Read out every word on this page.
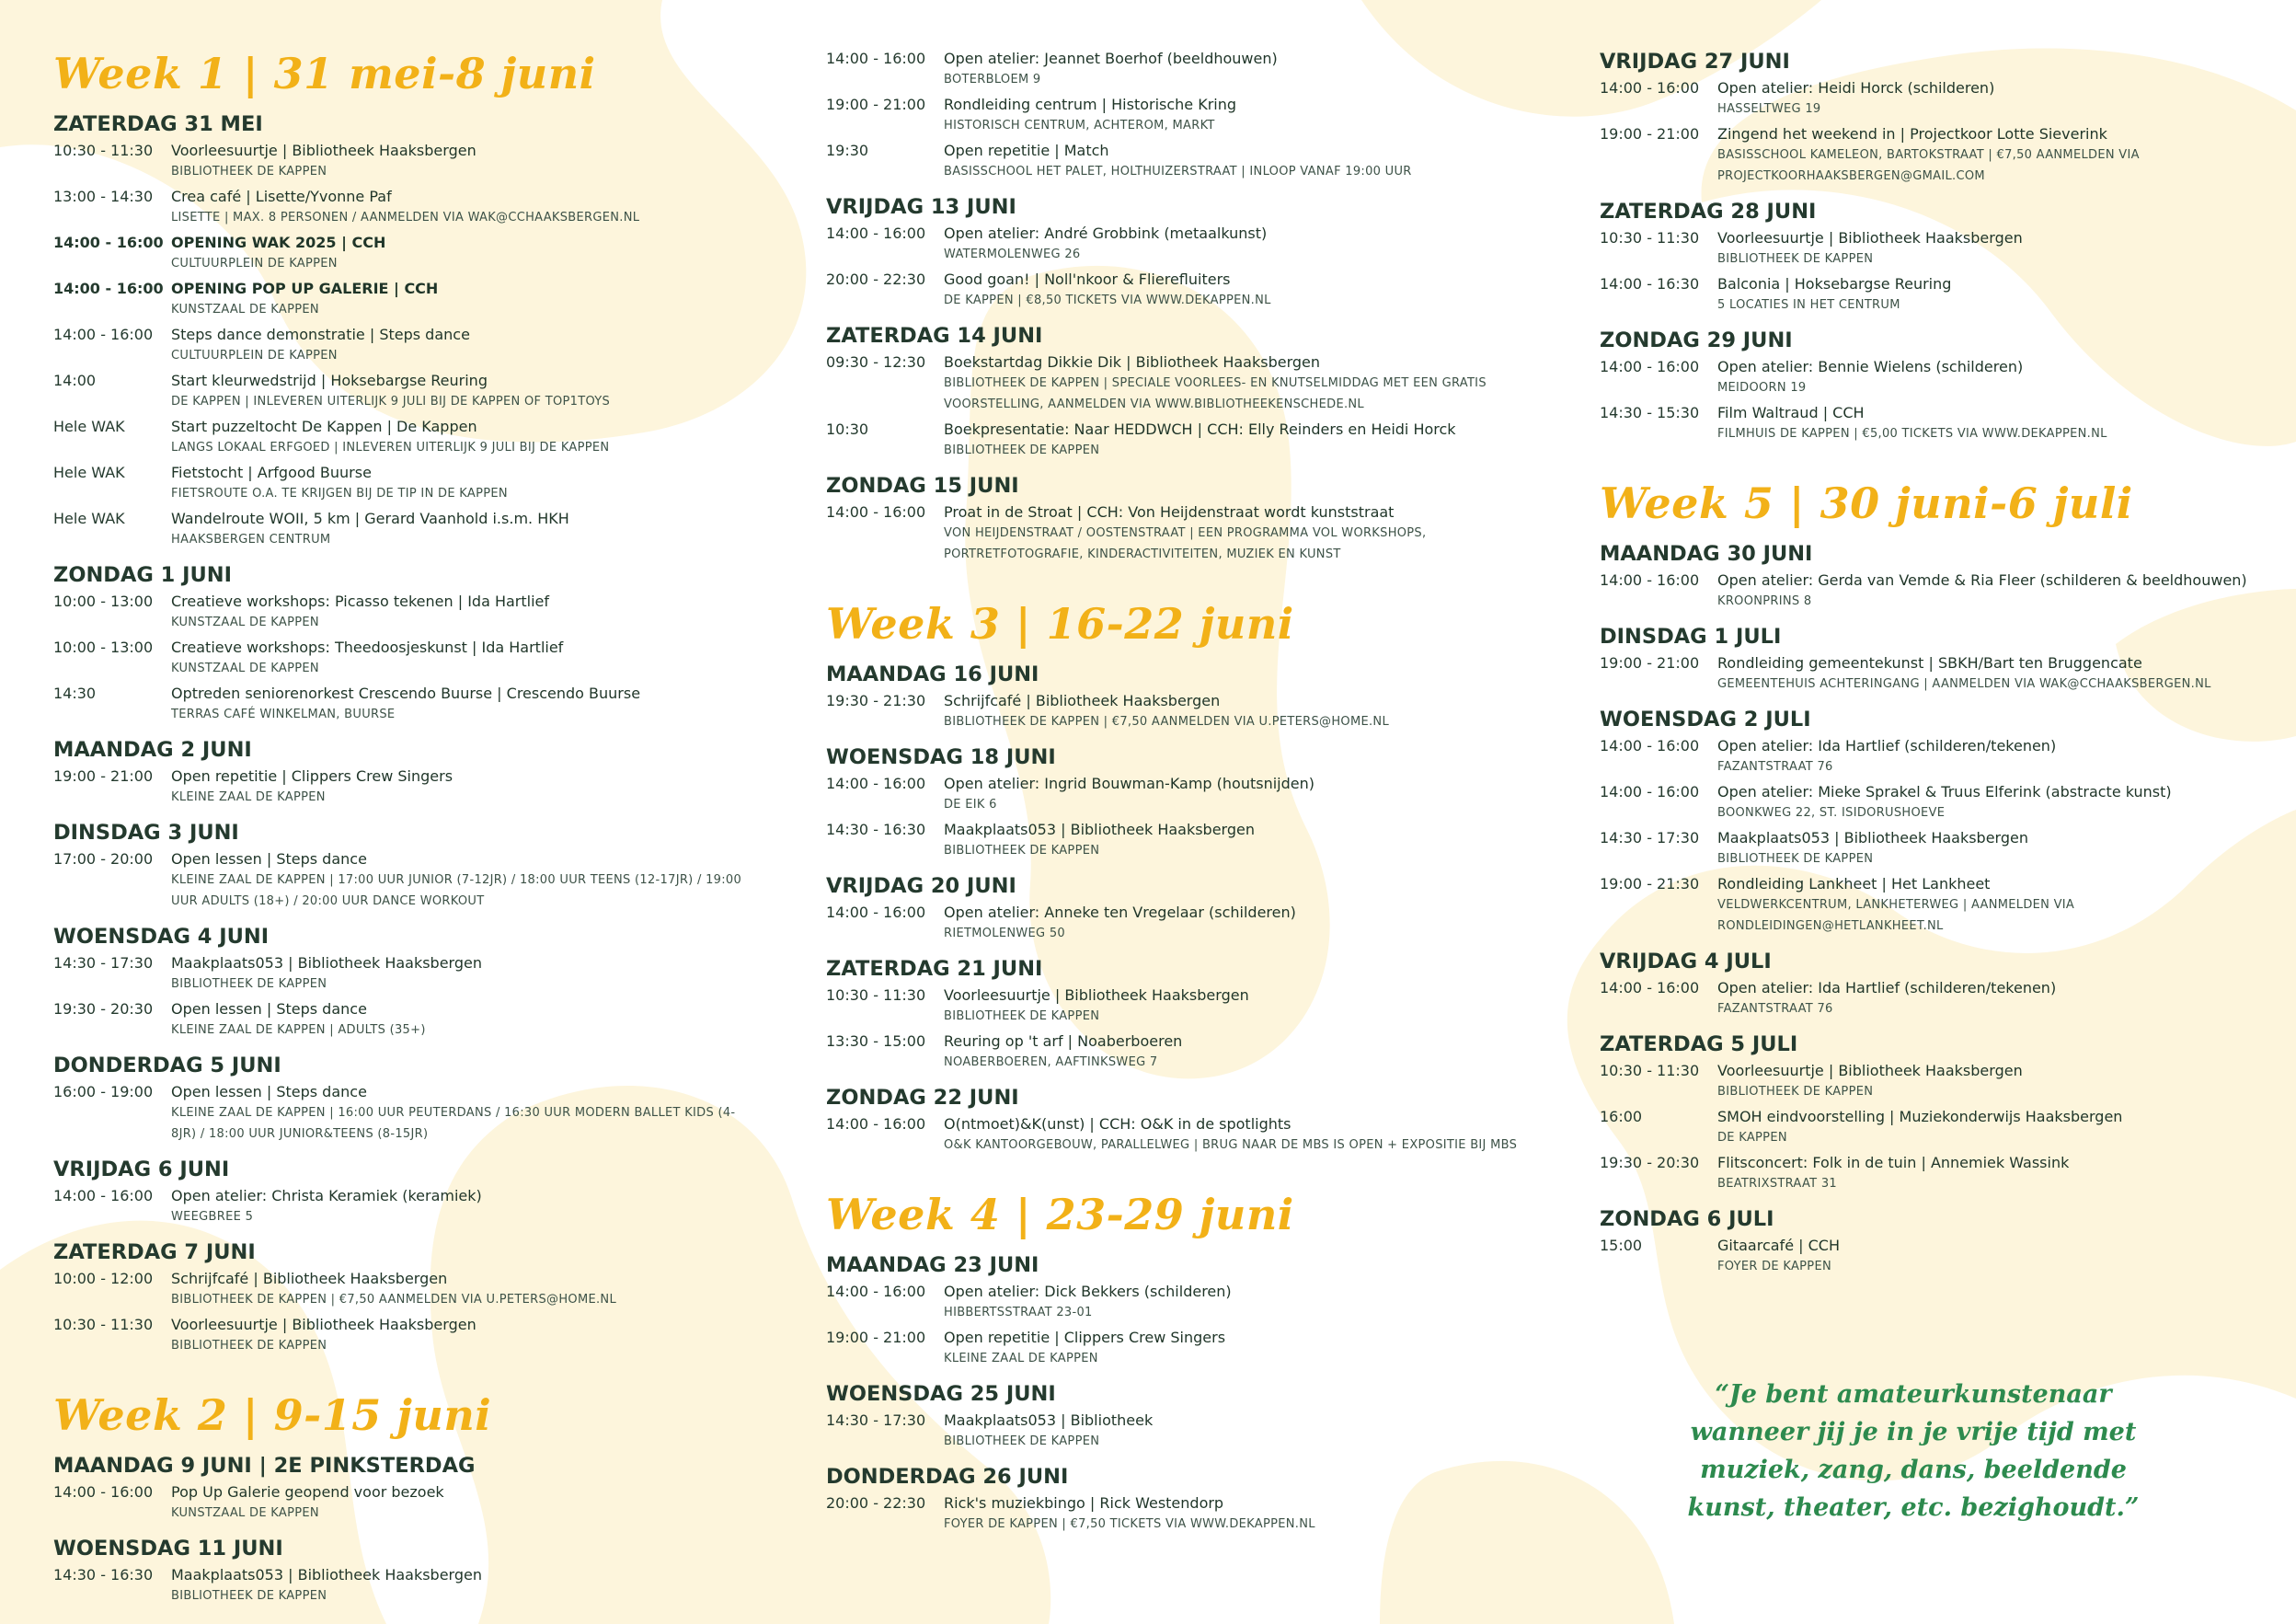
Week 1 | 31 mei-8 juni
ZATERDAG 31 MEI
10:30 - 11:30	Voorleesuurtje | Bibliotheek Haaksbergen
BIBLIOTHEEK DE KAPPEN
13:00 - 14:30	Crea café | Lisette/Yvonne Paf
LISETTE | MAX. 8 PERSONEN / AANMELDEN VIA WAK@CCHAAKSBERGEN.NL
14:00 - 16:00 OPENING WAK 2025 | CCH
CULTUURPLEIN DE KAPPEN
14:00 - 16:00 OPENING POP UP GALERIE | CCH
KUNSTZAAL DE KAPPEN
14:00 - 16:00	Steps dance demonstratie | Steps dance
CULTUURPLEIN DE KAPPEN
14:00	Start kleurwedstrijd | Hoksebargse Reuring
DE KAPPEN | INLEVEREN UITERLIJK 9 JULI BIJ DE KAPPEN OF TOP1TOYS
Hele WAK	Start puzzeltocht De Kappen | De Kappen
LANGS LOKAAL ERFGOED | INLEVEREN UITERLIJK 9 JULI BIJ DE KAPPEN
Hele WAK	Fietstocht | Arfgood Buurse
FIETSROUTE O.A. TE KRIJGEN BIJ DE TIP IN DE KAPPEN
Hele WAK	Wandelroute WOII, 5 km | Gerard Vaanhold i.s.m. HKH
HAAKSBERGEN CENTRUM
ZONDAG 1 JUNI
10:00 - 13:00	Creatieve workshops: Picasso tekenen | Ida Hartlief
KUNSTZAAL DE KAPPEN
10:00 - 13:00	Creatieve workshops: Theedoosjeskunst | Ida Hartlief
KUNSTZAAL DE KAPPEN
14:30	Optreden seniorenorkest Crescendo Buurse | Crescendo Buurse
TERRAS CAFÉ WINKELMAN, BUURSE
MAANDAG 2 JUNI
19:00 - 21:00	Open repetitie | Clippers Crew Singers
KLEINE ZAAL DE KAPPEN
DINSDAG 3 JUNI
17:00 - 20:00	Open lessen | Steps dance
KLEINE ZAAL DE KAPPEN | 17:00 UUR JUNIOR (7-12JR) / 18:00 UUR TEENS (12-17JR) / 19:00 UUR ADULTS (18+) / 20:00 UUR DANCE WORKOUT
WOENSDAG 4 JUNI
14:30 - 17:30	Maakplaats053 | Bibliotheek Haaksbergen
BIBLIOTHEEK DE KAPPEN
19:30 - 20:30	Open lessen | Steps dance
KLEINE ZAAL DE KAPPEN | ADULTS (35+)
DONDERDAG 5 JUNI
16:00 - 19:00	Open lessen | Steps dance
KLEINE ZAAL DE KAPPEN | 16:00 UUR PEUTERDANS / 16:30 UUR MODERN BALLET KIDS (4-8JR) / 18:00 UUR JUNIOR&TEENS (8-15JR)
VRIJDAG 6 JUNI
14:00 - 16:00	Open atelier: Christa Keramiek (keramiek)
WEEGBREE 5
ZATERDAG 7 JUNI
10:00 - 12:00	Schrijfcafé | Bibliotheek Haaksbergen
BIBLIOTHEEK DE KAPPEN | €7,50 AANMELDEN VIA U.PETERS@HOME.NL
10:30 - 11:30	Voorleesuurtje | Bibliotheek Haaksbergen
BIBLIOTHEEK DE KAPPEN
Week 2 | 9-15 juni
MAANDAG 9 JUNI | 2E PINKSTERDAG
14:00 - 16:00	Pop Up Galerie geopend voor bezoek
KUNSTZAAL DE KAPPEN
WOENSDAG 11 JUNI
14:30 - 16:30	Maakplaats053 | Bibliotheek Haaksbergen
BIBLIOTHEEK DE KAPPEN
14:00 - 16:00	Open atelier: Jeannet Boerhof (beeldhouwen)
BOTERBLOEM 9
19:00 - 21:00	Rondleiding centrum | Historische Kring
HISTORISCH CENTRUM, ACHTEROM, MARKT
19:30	Open repetitie | Match
BASISSCHOOL HET PALET, HOLTHUIZERSTRAAT | INLOOP VANAF 19:00 UUR
VRIJDAG 13 JUNI
14:00 - 16:00	Open atelier: André Grobbink (metaalkunst)
WATERMOLENWEG 26
20:00 - 22:30	Good goan! | Noll'nkoor & Flierefluiters
DE KAPPEN | €8,50 TICKETS VIA WWW.DEKAPPEN.NL
ZATERDAG 14 JUNI
09:30 - 12:30	Boekstartdag Dikkie Dik | Bibliotheek Haaksbergen
BIBLIOTHEEK DE KAPPEN | SPECIALE VOORLEES- EN KNUTSELMIDDAG MET EEN GRATIS VOORSTELLING, AANMELDEN VIA WWW.BIBLIOTHEEKENSCHEDE.NL
10:30	Boekpresentatie: Naar HEDDWCH | CCH: Elly Reinders en Heidi Horck
BIBLIOTHEEK DE KAPPEN
ZONDAG 15 JUNI
14:00 - 16:00	Proat in de Stroat | CCH: Von Heijdenstraat wordt kunststraat
VON HEIJDENSTRAAT / OOSTENSTRAAT | EEN PROGRAMMA VOL WORKSHOPS, PORTRETFOTOGRAFIE, KINDERACTIVITEITEN, MUZIEK EN KUNST
Week 3 | 16-22 juni
MAANDAG 16 JUNI
19:30 - 21:30	Schrijfcafé | Bibliotheek Haaksbergen
BIBLIOTHEEK DE KAPPEN | €7,50 AANMELDEN VIA U.PETERS@HOME.NL
WOENSDAG 18 JUNI
14:00 - 16:00	Open atelier: Ingrid Bouwman-Kamp (houtsnijden)
DE EIK 6
14:30 - 16:30	Maakplaats053 | Bibliotheek Haaksbergen
BIBLIOTHEEK DE KAPPEN
VRIJDAG 20 JUNI
14:00 - 16:00	Open atelier: Anneke ten Vregelaar (schilderen)
RIETMOLENWEG 50
ZATERDAG 21 JUNI
10:30 - 11:30	Voorleesuurtje | Bibliotheek Haaksbergen
BIBLIOTHEEK DE KAPPEN
13:30 - 15:00	Reuring op 't arf | Noaberboeren
NOABERBOEREN, AAFTINKSWEG 7
ZONDAG 22 JUNI
14:00 - 16:00	O(ntmoet)&K(unst) | CCH: O&K in de spotlights
O&K KANTOORGEBOUW, PARALLELWEG | BRUG NAAR DE MBS IS OPEN + EXPOSITIE BIJ MBS
Week 4 | 23-29 juni
MAANDAG 23 JUNI
14:00 - 16:00	Open atelier: Dick Bekkers (schilderen)
HIBBERTSSTRAAT 23-01
19:00 - 21:00	Open repetitie | Clippers Crew Singers
KLEINE ZAAL DE KAPPEN
WOENSDAG 25 JUNI
14:30 - 17:30	Maakplaats053 | Bibliotheek
BIBLIOTHEEK DE KAPPEN
DONDERDAG 26 JUNI
20:00 - 22:30	Rick's muziekbingo | Rick Westendorp
FOYER DE KAPPEN | €7,50 TICKETS VIA WWW.DEKAPPEN.NL
VRIJDAG 27 JUNI
14:00 - 16:00	Open atelier: Heidi Horck (schilderen)
HASSELTWEG 19
19:00 - 21:00	Zingend het weekend in | Projectkoor Lotte Sieverink
BASISSCHOOL KAMELEON, BARTOKSTRAAT | €7,50 AANMELDEN VIA PROJECTKOORHAAKSBERGEN@GMAIL.COM
ZATERDAG 28 JUNI
10:30 - 11:30	Voorleesuurtje | Bibliotheek Haaksbergen
BIBLIOTHEEK DE KAPPEN
14:00 - 16:30	Balconia | Hoksebargse Reuring
5 LOCATIES IN HET CENTRUM
ZONDAG 29 JUNI
14:00 - 16:00	Open atelier: Bennie Wielens (schilderen)
MEIDOORN 19
14:30 - 15:30	Film Waltraud | CCH
FILMHUIS DE KAPPEN | €5,00 TICKETS VIA WWW.DEKAPPEN.NL
Week 5 | 30 juni-6 juli
MAANDAG 30 JUNI
14:00 - 16:00	Open atelier: Gerda van Vemde & Ria Fleer (schilderen & beeldhouwen)
KROONPRINS 8
DINSDAG 1 JULI
19:00 - 21:00	Rondleiding gemeentekunst | SBKH/Bart ten Bruggencate
GEMEENTEHUIS ACHTERINGANG | AANMELDEN VIA WAK@CCHAAKSBERGEN.NL
WOENSDAG 2 JULI
14:00 - 16:00	Open atelier: Ida Hartlief (schilderen/tekenen)
FAZANTSTRAAT 76
14:00 - 16:00	Open atelier: Mieke Sprakel & Truus Elferink (abstracte kunst)
BOONKWEG 22, ST. ISIDORUSHOEVE
14:30 - 17:30	Maakplaats053 | Bibliotheek Haaksbergen
BIBLIOTHEEK DE KAPPEN
19:00 - 21:30	Rondleiding Lankheet | Het Lankheet
VELDWERKCENTRUM, LANKHETERWEG | AANMELDEN VIA RONDLEIDINGEN@HETLANKHEET.NL
VRIJDAG 4 JULI
14:00 - 16:00	Open atelier: Ida Hartlief (schilderen/tekenen)
FAZANTSTRAAT 76
ZATERDAG 5 JULI
10:30 - 11:30	Voorleesuurtje | Bibliotheek Haaksbergen
BIBLIOTHEEK DE KAPPEN
16:00	SMOH eindvoorstelling | Muziekonderwijs Haaksbergen
DE KAPPEN
19:30 - 20:30	Flitsconcert: Folk in de tuin | Annemiek Wassink
BEATRIXSTRAAT 31
ZONDAG 6 JULI
15:00	Gitaarcafé | CCH
FOYER DE KAPPEN
“Je bent amateurkunstenaar wanneer jij je in je vrije tijd met muziek, zang, dans, beeldende kunst, theater, etc. bezighoudt.”
